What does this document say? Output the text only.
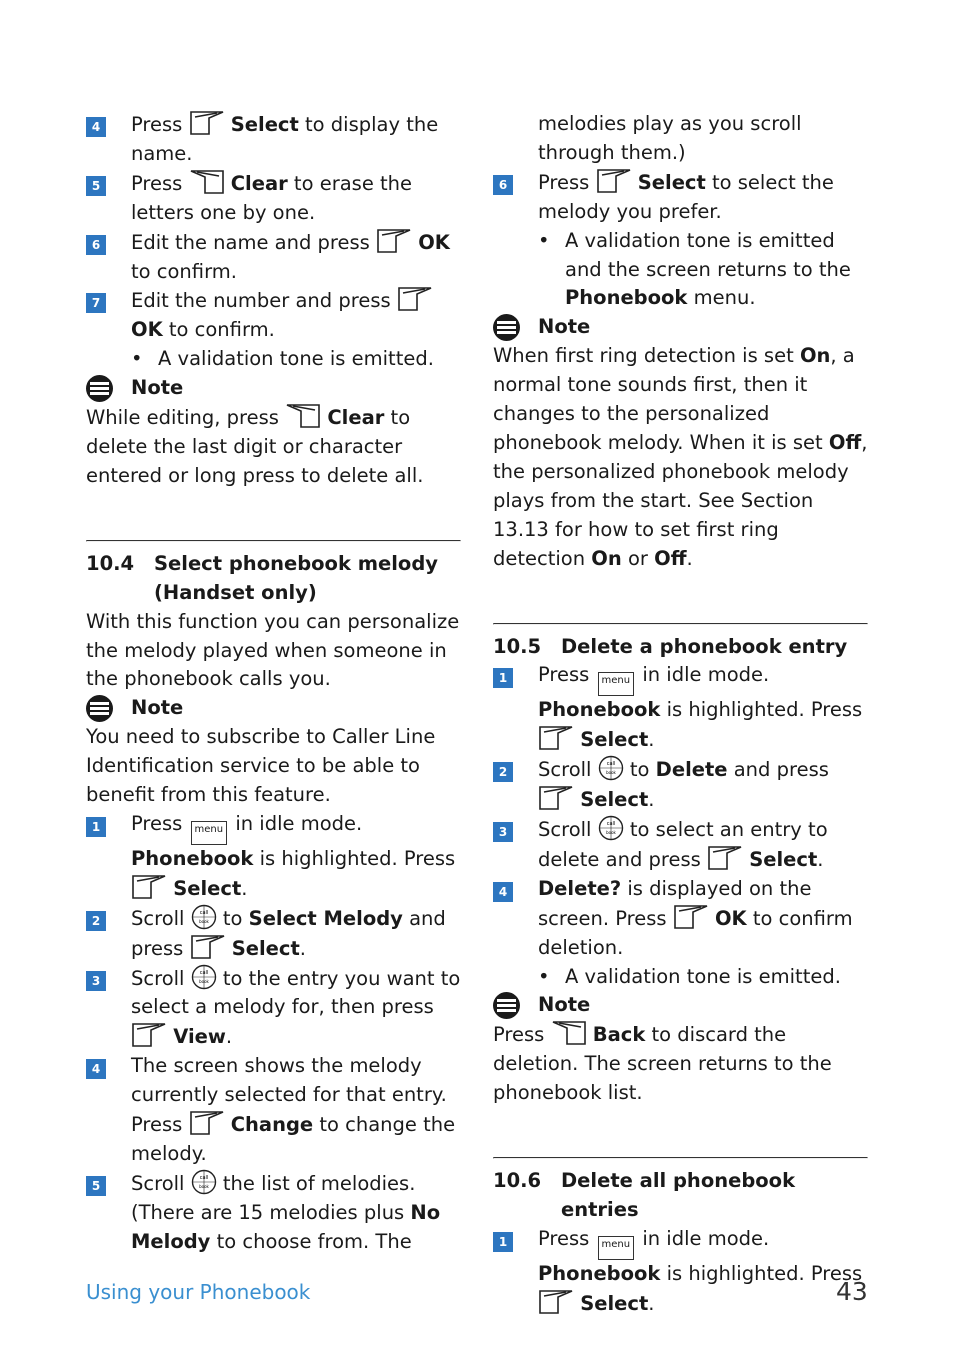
4 Press Select to display the name.
5 Press Clear to erase the letters one by one.
6 Edit the name and press OK to confirm.
7 Edit the number and press  OK to confirm.
• A validation tone is emitted.
Note
While editing, press Clear to delete the last digit or character entered or long press to delete all.
10.4	Select phonebook melody (Handset only)
With this function you can personalize the melody played when someone in the phonebook calls you.
Note
You need to subscribe to Caller Line Identification service to be able to benefit from this feature.
1 Press menu in idle mode.
Phonebook is highlighted. Press
Select.
2 Scroll  to Select Melody and press Select.
3 Scroll  to the entry you want to select a melody for, then press  View.
4 The screen shows the melody currently selected for that entry. Press Change to change the melody.
5 Scroll  the list of melodies. (There are 15 melodies plus No Melody to choose from. The
melodies play as you scroll through them.)
6 Press Select to select the melody you prefer.
• A validation tone is emitted and the screen returns to the Phonebook menu.
Note
When first ring detection is set On, a normal tone sounds first, then it changes to the personalized phonebook melody. When it is set Off, the personalized phonebook melody plays from the start. See Section 13.13 for how to set first ring detection On or Off.
10.5	Delete a phonebook entry
1 Press menu in idle mode.
Phonebook is highlighted. Press
Select.
2 Scroll  to Delete and press  Select.
3 Scroll  to select an entry to delete and press Select.
4 Delete? is displayed on the screen. Press OK to confirm deletion.
• A validation tone is emitted.
Note
Press Back to discard the deletion. The screen returns to the phonebook list.
10.6	Delete all phonebook entries
1 Press menu in idle mode.
Phonebook is highlighted. Press
Select.
Using your Phonebook	43
